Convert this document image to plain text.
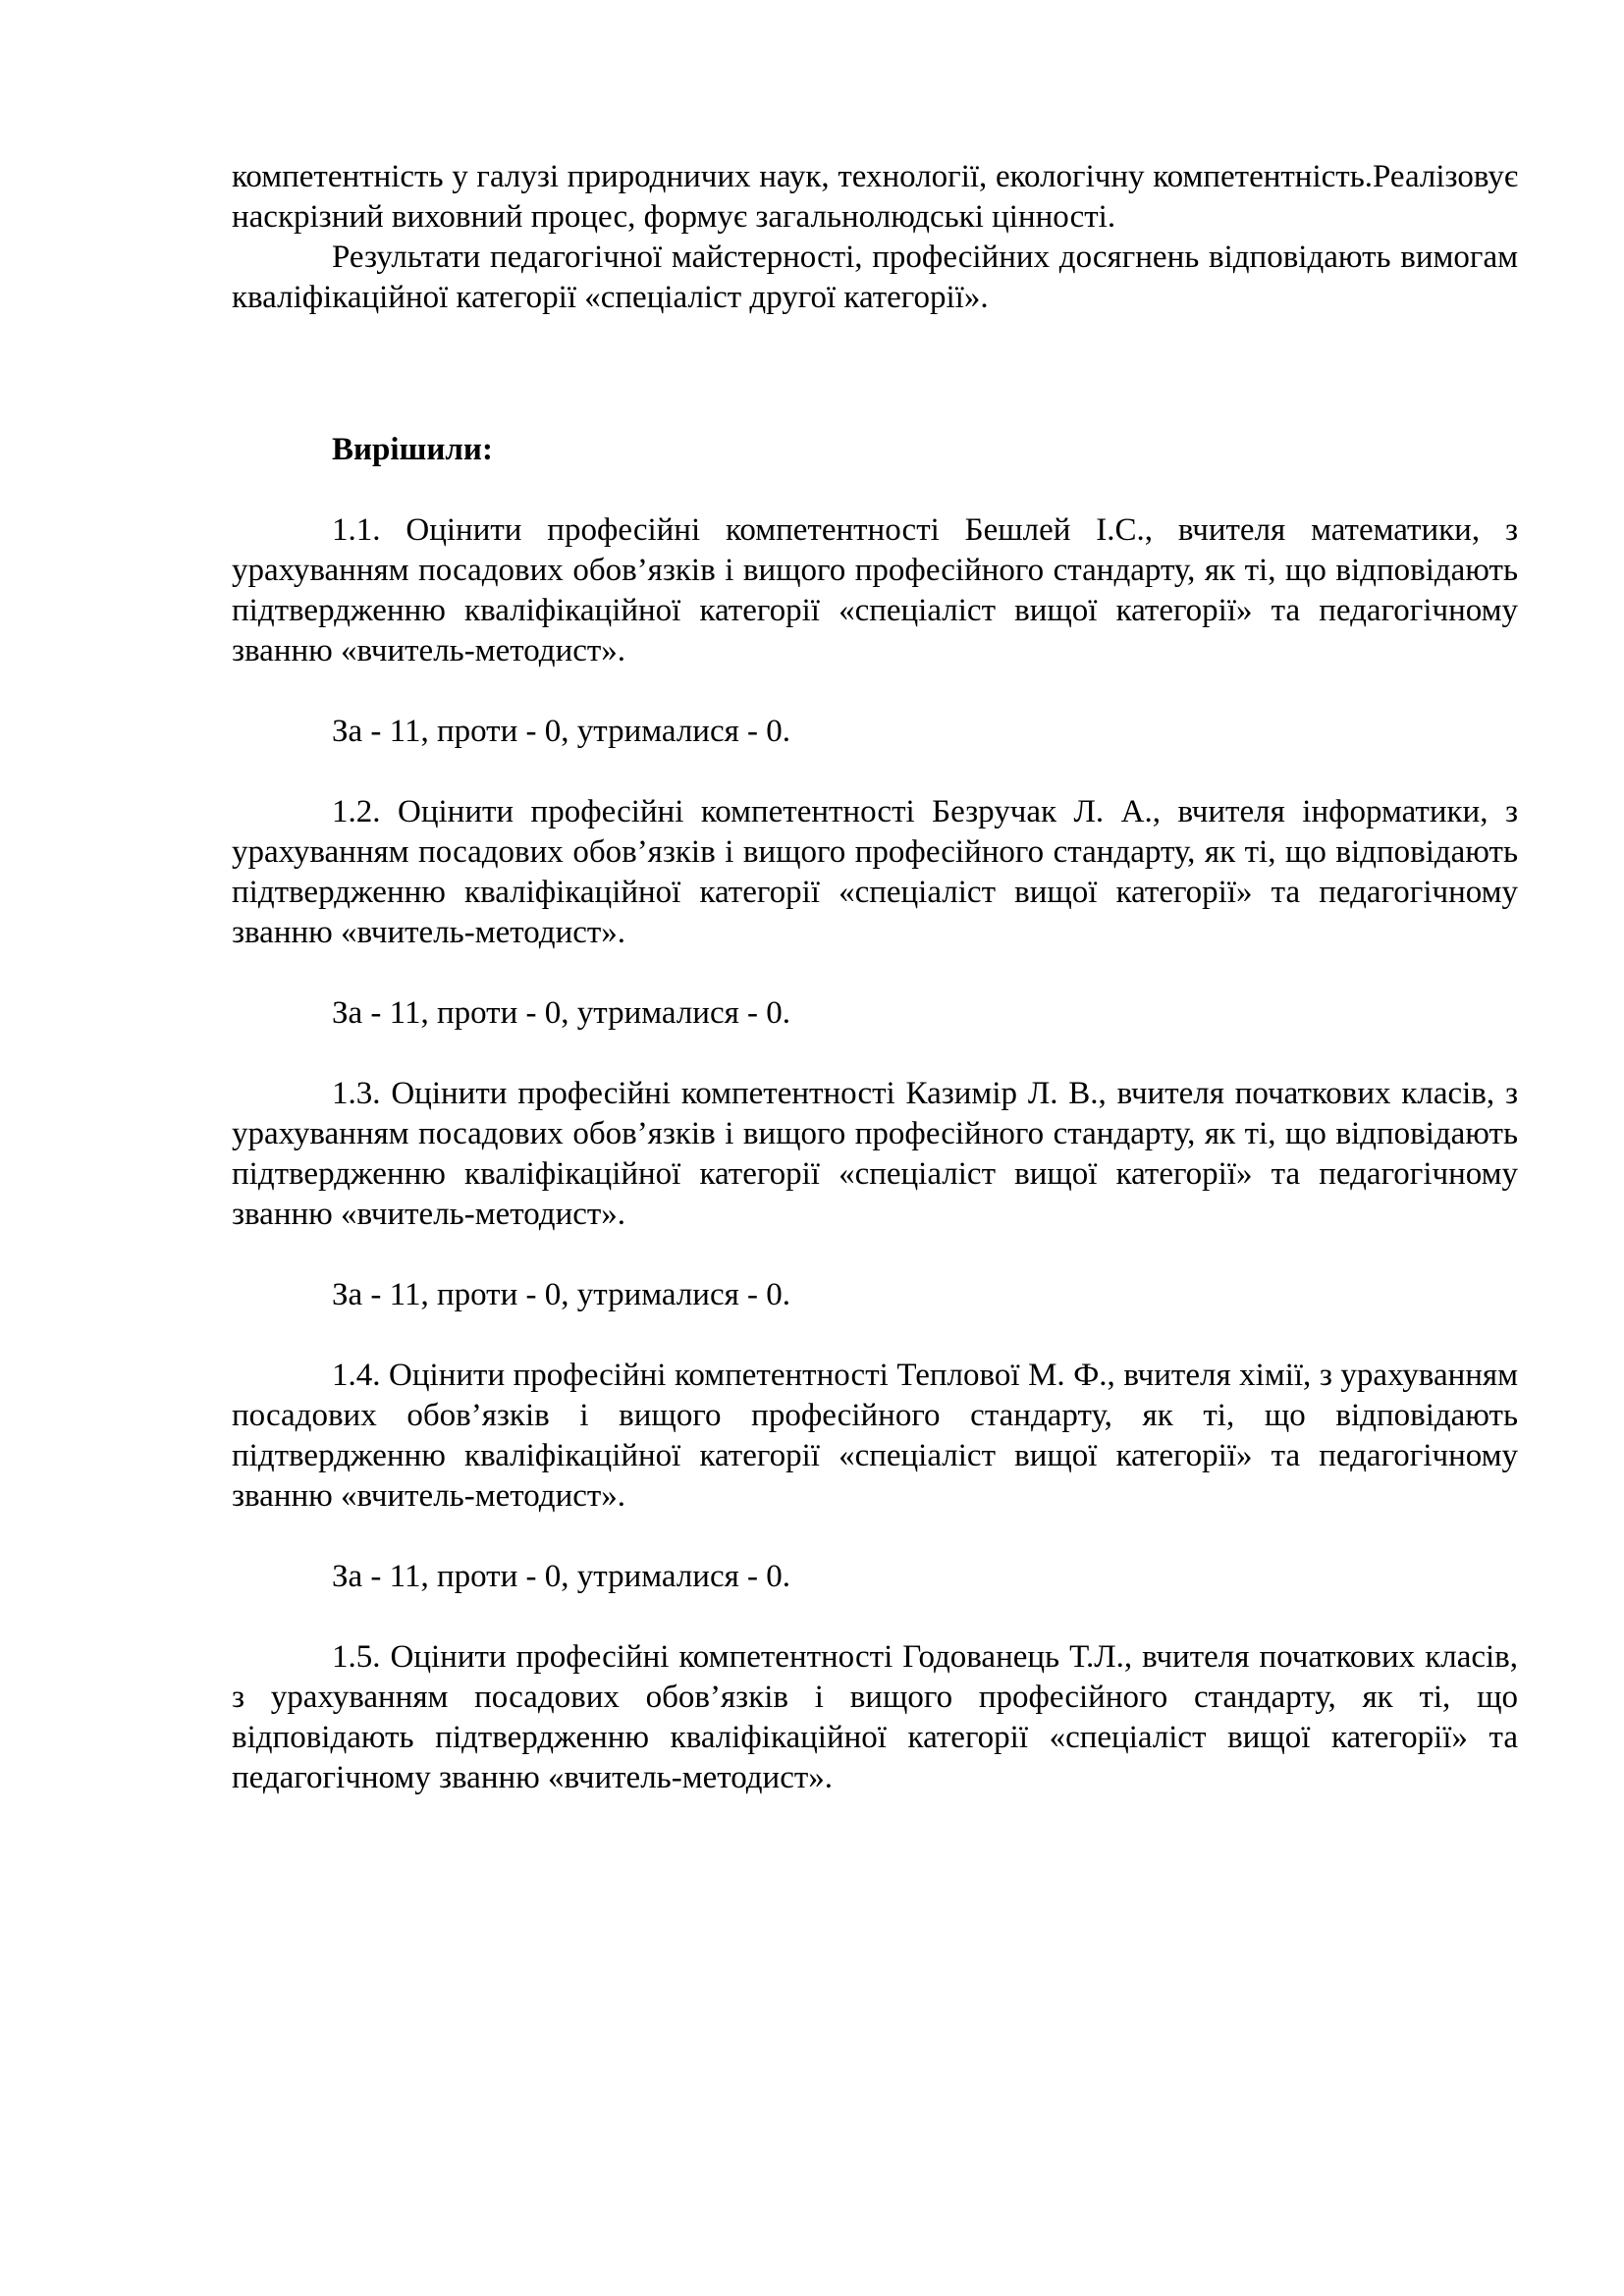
компетентність у галузі природничих наук, технології, екологічну компетентність.Реалізовує наскрізний виховний процес, формує загальнолюдські цінності.

Результати педагогічної майстерності, професійних досягнень відповідають вимогам кваліфікаційної категорії «спеціаліст другої категорії».

Вирішили:

1.1. Оцінити професійні компетентності Бешлей І.С., вчителя математики, з урахуванням посадових обов’язків і вищого професійного стандарту, як ті, що відповідають підтвердженню кваліфікаційної категорії «спеціаліст вищої категорії» та педагогічному званню «вчитель-методист».

За - 11, проти - 0, утрималися - 0.

1.2. Оцінити професійні компетентності Безручак Л. А., вчителя інформатики, з урахуванням посадових обов’язків і вищого професійного стандарту, як ті, що відповідають підтвердженню кваліфікаційної категорії «спеціаліст вищої категорії» та педагогічному званню «вчитель-методист».

За - 11, проти - 0, утрималися - 0.

1.3. Оцінити професійні компетентності Казимір Л. В., вчителя початкових класів, з урахуванням посадових обов’язків і вищого професійного стандарту, як ті, що відповідають підтвердженню кваліфікаційної категорії «спеціаліст вищої категорії» та педагогічному званню «вчитель-методист».

За - 11, проти - 0, утрималися - 0.

1.4. Оцінити професійні компетентності Теплової М. Ф., вчителя хімії, з урахуванням посадових обов’язків і вищого професійного стандарту, як ті, що відповідають підтвердженню кваліфікаційної категорії «спеціаліст вищої категорії» та педагогічному званню «вчитель-методист».

За - 11, проти - 0, утрималися - 0.

1.5. Оцінити професійні компетентності Годованець Т.Л., вчителя початкових класів, з урахуванням посадових обов’язків і вищого професійного стандарту, як ті, що відповідають підтвердженню кваліфікаційної категорії «спеціаліст вищої категорії» та педагогічному званню «вчитель-методист».
